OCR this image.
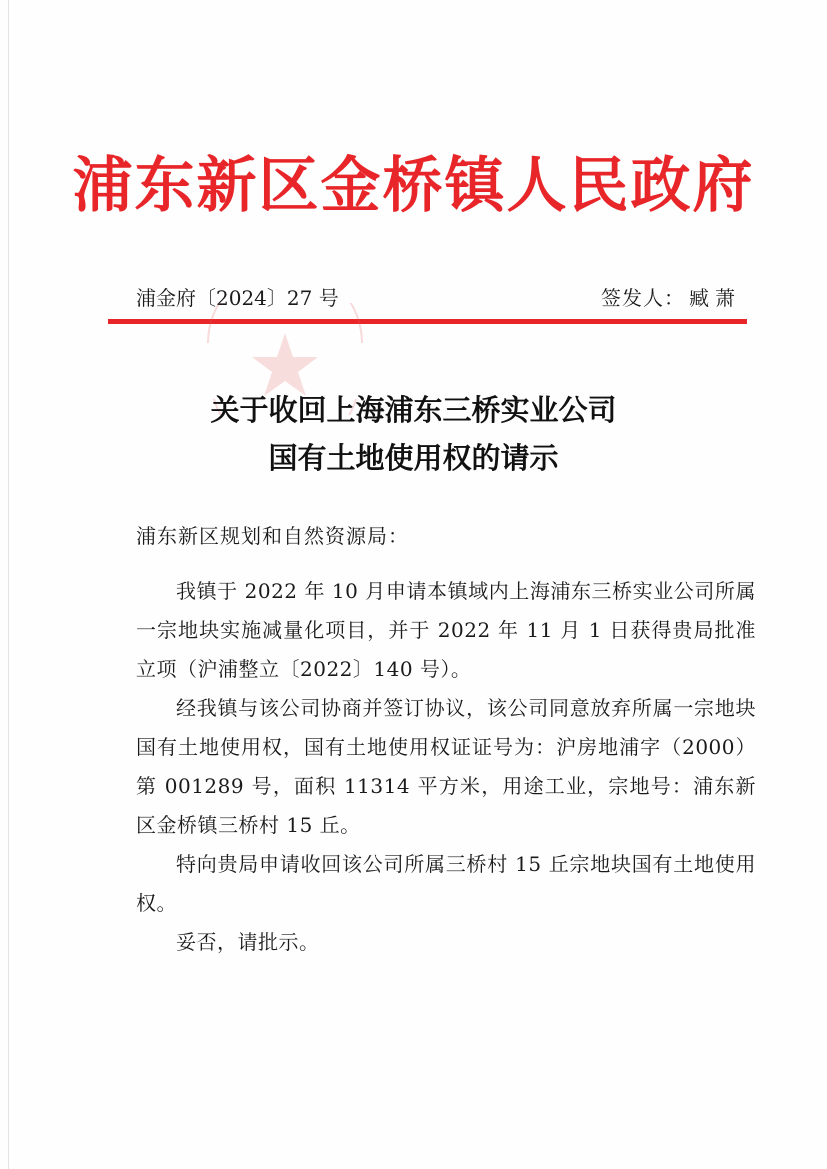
浦东新区金桥镇人民政府
浦金府〔2024〕27 号	签发人： 臧萧
关于收回上海浦东三桥实业公司
国有土地使用权的请示
浦东新区规划和自然资源局：

我镇于 2022 年 10 月申请本镇域内上海浦东三桥实业公司所属一宗地块实施减量化项目，并于 2022 年 11 月 1 日获得贵局批准立项（沪浦整立〔2022〕140 号）。

经我镇与该公司协商并签订协议，该公司同意放弃所属一宗地块国有土地使用权，国有土地使用权证证号为：沪房地浦字（2000）第 001289 号，面积 11314 平方米，用途工业，宗地号：浦东新区金桥镇三桥村 15 丘。

特向贵局申请收回该公司所属三桥村 15 丘宗地块国有土地使用权。

妥否，请批示。
